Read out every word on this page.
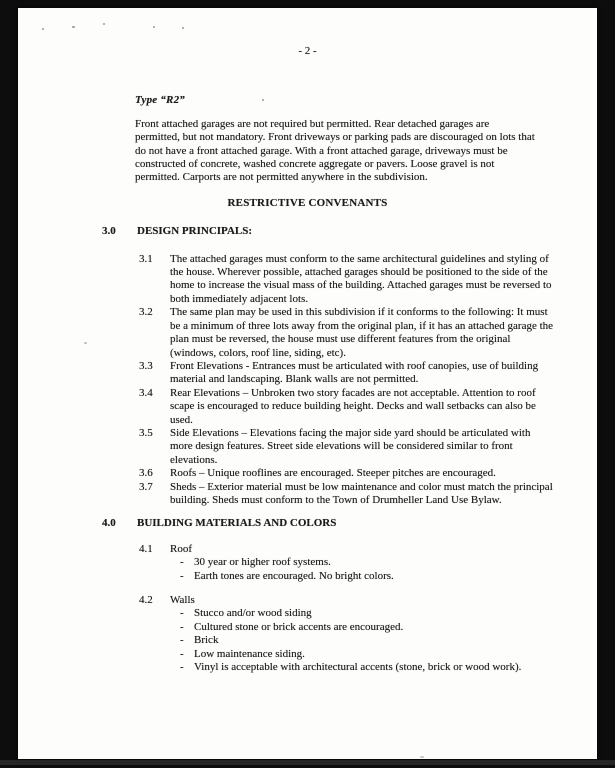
- 2 -

Type “R2”
Front attached garages are not required but permitted. Rear detached garages are permitted, but not mandatory. Front driveways or parking pads are discouraged on lots that do not have a front attached garage. With a front attached garage, driveways must be constructed of concrete, washed concrete aggregate or pavers. Loose gravel is not permitted. Carports are not permitted anywhere in the subdivision.
RESTRICTIVE CONVENANTS
3.0	DESIGN PRINCIPALS:
3.1	The attached garages must conform to the same architectural guidelines and styling of the house. Wherever possible, attached garages should be positioned to the side of the home to increase the visual mass of the building. Attached garages must be reversed to both immediately adjacent lots.
3.2	The same plan may be used in this subdivision if it conforms to the following: It must be a minimum of three lots away from the original plan, if it has an attached garage the plan must be reversed, the house must use different features from the original (windows, colors, roof line, siding, etc).
3.3	Front Elevations - Entrances must be articulated with roof canopies, use of building material and landscaping. Blank walls are not permitted.
3.4	Rear Elevations – Unbroken two story facades are not acceptable. Attention to roof scape is encouraged to reduce building height. Decks and wall setbacks can also be used.
3.5	Side Elevations – Elevations facing the major side yard should be articulated with more design features. Street side elevations will be considered similar to front elevations.
3.6	Roofs – Unique rooflines are encouraged. Steeper pitches are encouraged.
3.7	Sheds – Exterior material must be low maintenance and color must match the principal building. Sheds must conform to the Town of Drumheller Land Use Bylaw.
4.0	BUILDING MATERIALS AND COLORS
4.1	Roof
- 30 year or higher roof systems.
- Earth tones are encouraged. No bright colors.
4.2	Walls
- Stucco and/or wood siding
- Cultured stone or brick accents are encouraged.
- Brick
- Low maintenance siding.
- Vinyl is acceptable with architectural accents (stone, brick or wood work).
